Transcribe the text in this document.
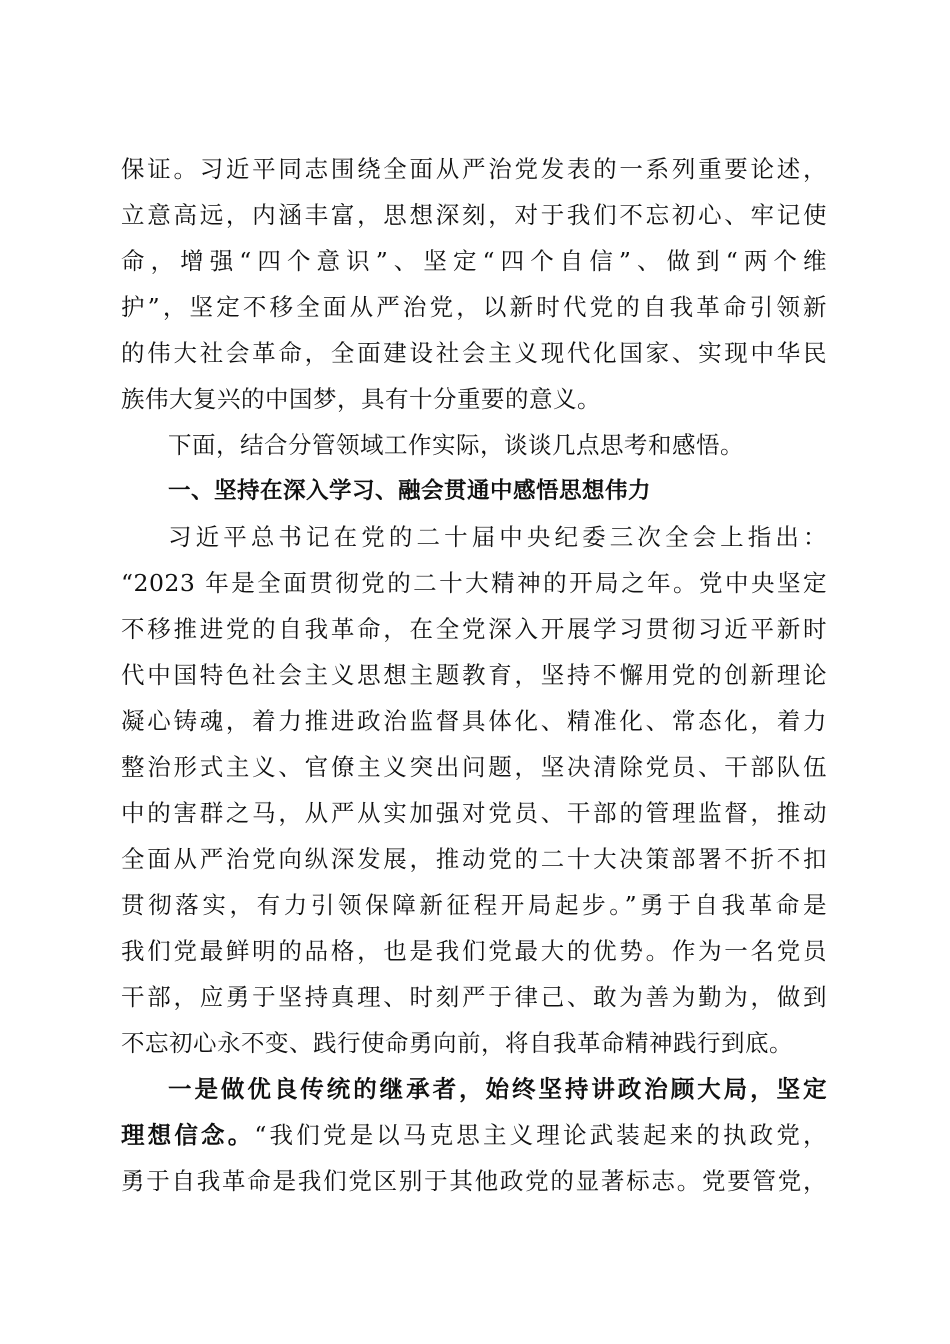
保证。习近平同志围绕全面从严治党发表的一系列重要论述，
立意高远，内涵丰富，思想深刻，对于我们不忘初心、牢记使
命，增强“四个意识”、坚定“四个自信”、做到“两个维
护”，坚定不移全面从严治党，以新时代党的自我革命引领新
的伟大社会革命，全面建设社会主义现代化国家、实现中华民
族伟大复兴的中国梦，具有十分重要的意义。
下面，结合分管领域工作实际，谈谈几点思考和感悟。
一、坚持在深入学习、融会贯通中感悟思想伟力
习近平总书记在党的二十届中央纪委三次全会上指出：
“2023 年是全面贯彻党的二十大精神的开局之年。党中央坚定
不移推进党的自我革命，在全党深入开展学习贯彻习近平新时
代中国特色社会主义思想主题教育，坚持不懈用党的创新理论
凝心铸魂，着力推进政治监督具体化、精准化、常态化，着力
整治形式主义、官僚主义突出问题，坚决清除党员、干部队伍
中的害群之马，从严从实加强对党员、干部的管理监督，推动
全面从严治党向纵深发展，推动党的二十大决策部署不折不扣
贯彻落实，有力引领保障新征程开局起步。”勇于自我革命是
我们党最鲜明的品格，也是我们党最大的优势。作为一名党员
干部，应勇于坚持真理、时刻严于律己、敢为善为勤为，做到
不忘初心永不变、践行使命勇向前，将自我革命精神践行到底。
一是做优良传统的继承者，始终坚持讲政治顾大局，坚定
理想信念。“我们党是以马克思主义理论武装起来的执政党，
勇于自我革命是我们党区别于其他政党的显著标志。党要管党，
